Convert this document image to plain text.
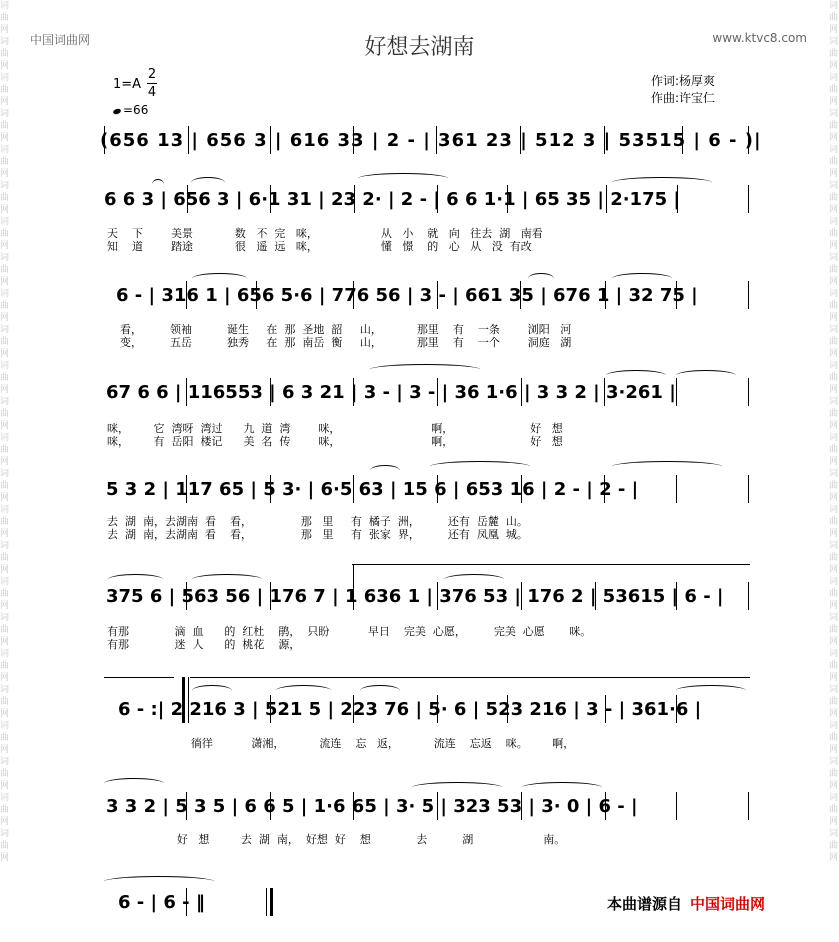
词曲网词曲网词曲网词曲网词曲网词曲网词曲网词曲网词曲网词曲网词曲网词曲网词曲网词曲网词曲网词曲网词曲网词曲网词曲网词曲网词曲网词曲网词曲网词曲网
词曲网词曲网词曲网词曲网词曲网词曲网词曲网词曲网词曲网词曲网词曲网词曲网词曲网词曲网词曲网词曲网词曲网词曲网词曲网词曲网词曲网词曲网词曲网词曲网
中国词曲网	www.ktvc8.com
好想去湖南
1=A
2
4
=66
作词:杨厚爽
作曲:许宝仁
(656 13 | 656 3 | 616 33 | 2 - | 361 23 | 512 3 | 53515 | 6 - )|
6 6 3 | 656 3 | 6·1 31 | 23 2· | 2 - | 6 6 1·1 | 65 35 | 2·175 |
天    下        美景            数   不  完   咪，                  从   小    就   向   往去  湖   南看
知    道        踏途            很   遥  远   咪，                  懂   憬    的   心   从   没  有改
6 - | 316 1 | 656 5·6 | 776 56 | 3 - | 661 35 | 676 1 | 32 75 |
看，        领袖          诞生     在  那  圣地  韶     山，          那里    有    一条        浏阳   河
变，        五岳          独秀     在  那  南岳  衡     山，          那里    有    一个        洞庭   湖
67 6 6 | 116553 | 6 3 21 | 3 - | 3 - | 36 1·6 | 3 3 2 | 3·261 |
咪，       它  湾呀  湾过      九  道  湾        咪，                          啊，                      好   想
咪，       有  岳阳  楼记      美  名  传        咪，                          啊，                      好   想
5 3 2 | 117 65 | 5 3· | 6·5 63 | 15 6 | 653 16 | 2 - | 2 - |
去  湖  南，去湖南  看    看，              那   里     有  橘子  洲，        还有  岳麓  山。
去  湖  南，去湖南  看    看，              那   里     有  张家  界，        还有  凤凰  城。
375 6 | 563 56 | 176 7 | 1 636 1 | 376 53 | 176 2 | 53615 | 6 - |
有那             滴  血      的  红杜    鹃，  只盼           早日    完美  心愿，        完美  心愿       咪。
有那             迷  人      的  桃花    源，
6 - :| 2 216 3 | 521 5 | 223 76 | 5· 6 | 523 216 | 3 - | 361·6 |
徜徉           潇湘，          流连    忘   返，          流连    忘返    咪。       啊，
3 3 2 | 5 3 5 | 6 6 5 | 1·6 65 | 3· 5 | 323 53 | 3· 0 | 6 - |
好   想         去  湖  南，  好想  好    想             去          湖                    南。
6 - | 6 - ‖	本曲谱源自 中国词曲网
